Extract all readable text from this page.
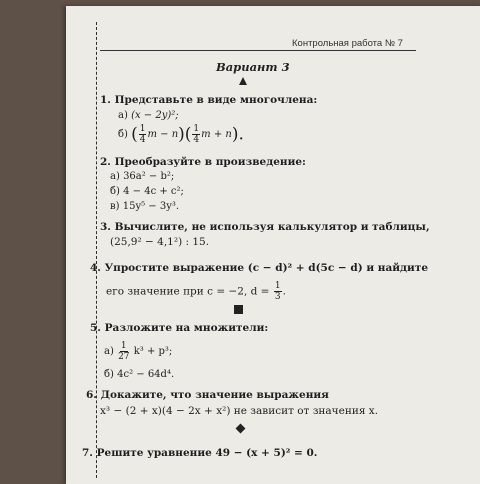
Контрольная работа № 7
Вариант 3
1. Представьте в виде многочлена:
а) (x − 2y)²;
б) ( $\frac{1}{4}$ $m - n)( \frac{1}{4}$ m + n).
2. Преобразуйте в произведение:
а) 36a² − b²;
б) 4 − 4c + c²;
в) 15y⁵ − 3y³.
3. Вычислите, не используя калькулятор и таблицы,
(25,9² − 4,1²) : 15.
4. Упростите выражение (c − d)² + d(5c − d) и найдите
его значение при c = −2, $d = \frac{1}{3}$ .
5. Разложите на множители:
$а) \frac{1}{27} k^3 + p^3$;
б) 4c² − 64d⁴.
6. Докажите, что значение выражения
x³ − (2 + x)(4 − 2x + x²) не зависит от значения x.
7. Решите уравнение 49 − (x + 5)² = 0.
